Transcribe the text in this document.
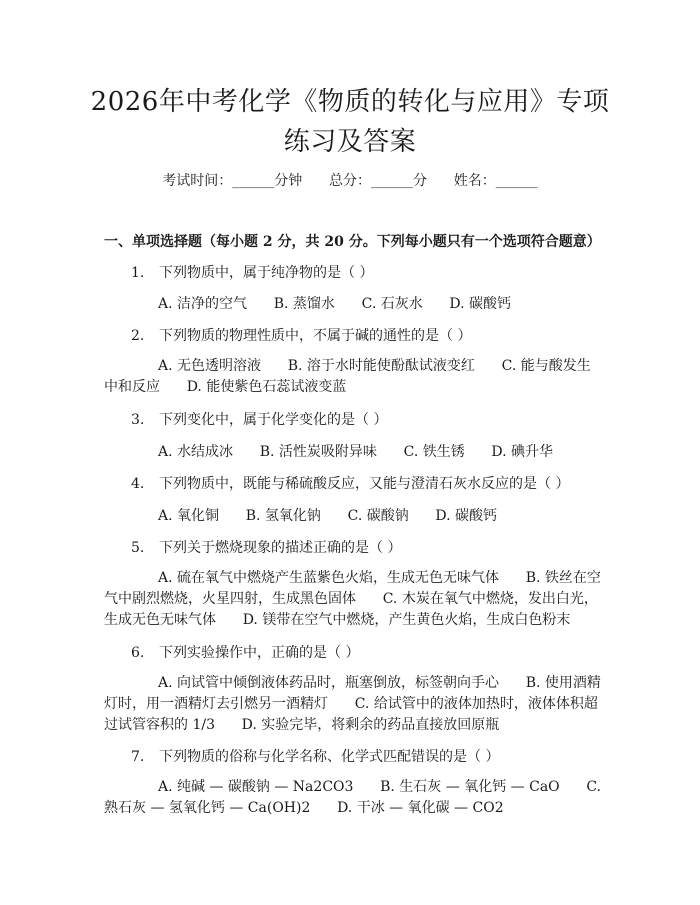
2026年中考化学《物质的转化与应用》专项
练习及答案
考试时间：______分钟      总分：______分      姓名：______
一、单项选择题（每小题 2 分，共 20 分。下列每小题只有一个选项符合题意）
1. 下列物质中，属于纯净物的是（ ）
A. 洁净的空气      B. 蒸馏水      C. 石灰水      D. 碳酸钙
2. 下列物质的物理性质中，不属于碱的通性的是（ ）
A. 无色透明溶液      B. 溶于水时能使酚酞试液变红      C. 能与酸发生中和反应      D. 能使紫色石蕊试液变蓝
3. 下列变化中，属于化学变化的是（ ）
A. 水结成冰      B. 活性炭吸附异味      C. 铁生锈      D. 碘升华
4. 下列物质中，既能与稀硫酸反应，又能与澄清石灰水反应的是（ ）
A. 氧化铜      B. 氢氧化钠      C. 碳酸钠      D. 碳酸钙
5. 下列关于燃烧现象的描述正确的是（ ）
A. 硫在氧气中燃烧产生蓝紫色火焰，生成无色无味气体      B. 铁丝在空气中剧烈燃烧，火星四射，生成黑色固体      C. 木炭在氧气中燃烧，发出白光，生成无色无味气体      D. 镁带在空气中燃烧，产生黄色火焰，生成白色粉末
6. 下列实验操作中，正确的是（ ）
A. 向试管中倾倒液体药品时，瓶塞倒放，标签朝向手心      B. 使用酒精灯时，用一酒精灯去引燃另一酒精灯      C. 给试管中的液体加热时，液体体积超过试管容积的 1/3      D. 实验完毕，将剩余的药品直接放回原瓶
7. 下列物质的俗称与化学名称、化学式匹配错误的是（ ）
A. 纯碱 — 碳酸钠 — Na2CO3      B. 生石灰 — 氧化钙 — CaO      C. 熟石灰 — 氢氧化钙 — Ca(OH)2      D. 干冰 — 氧化碳 — CO2
